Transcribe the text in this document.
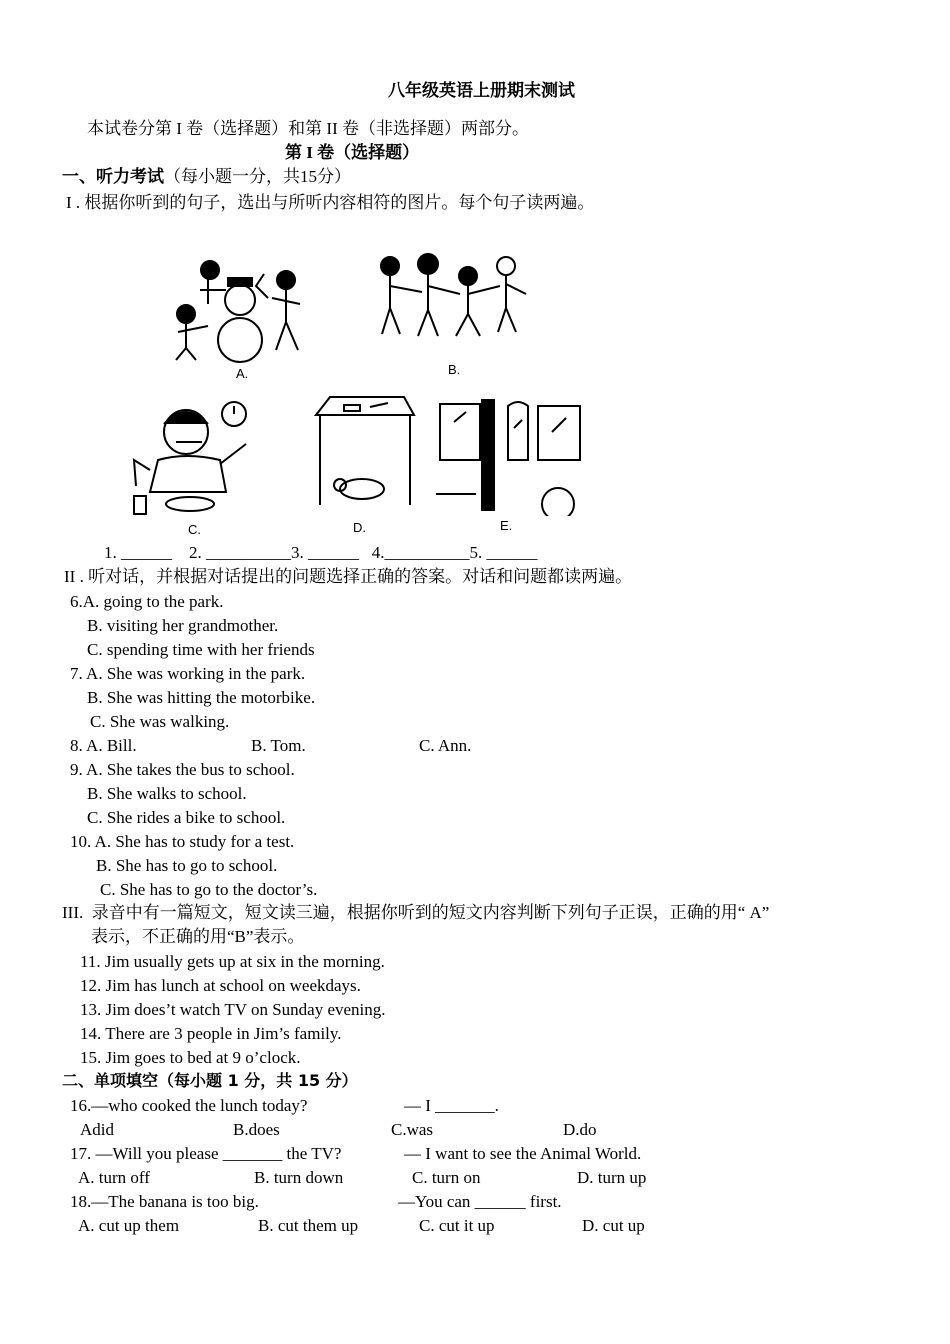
八年级英语上册期末测试
本试卷分第 I 卷（选择题）和第 II 卷（非选择题）两部分。
第 I 卷（选择题）
一、听力考试（每小题一分，共15分）
I . 根据你听到的句子，选出与所听内容相符的图片。每个句子读两遍。
A.	B.
C.	D.	E.
1. ______    2. __________3. ______   4.__________5. ______
II . 听对话，并根据对话提出的问题选择正确的答案。对话和问题都读两遍。
6.A. going to the park.
B. visiting her grandmother.
C. spending time with her friends
7. A. She was working in the park.
B. She was hitting the motorbike.
C. She was walking.
8. A. Bill.	B. Tom.	C. Ann.
9. A. She takes the bus to school.
B. She walks to school.
C. She rides a bike to school.
10. A. She has to study for a test.
B. She has to go to school.
C. She has to go to the doctor’s.
III.  录音中有一篇短文，短文读三遍，根据你听到的短文内容判断下列句子正误，正确的用“ A”
表示，不正确的用“B”表示。
11. Jim usually gets up at six in the morning.
12. Jim has lunch at school on weekdays.
13. Jim does’t watch TV on Sunday evening.
14. There are 3 people in Jim’s family.
15. Jim goes to bed at 9 o’clock.
二、单项填空（每小题 1 分，共 15 分）
16.—who cooked the lunch today?	— I _______.
Adid	B.does	C.was	D.do
17. —Will you please _______ the TV?	— I want to see the Animal World.
A. turn off	B. turn down	C. turn on	D. turn up
18.—The banana is too big.	—You can ______ first.
A. cut up them	B. cut them up	C. cut it up	D. cut up
